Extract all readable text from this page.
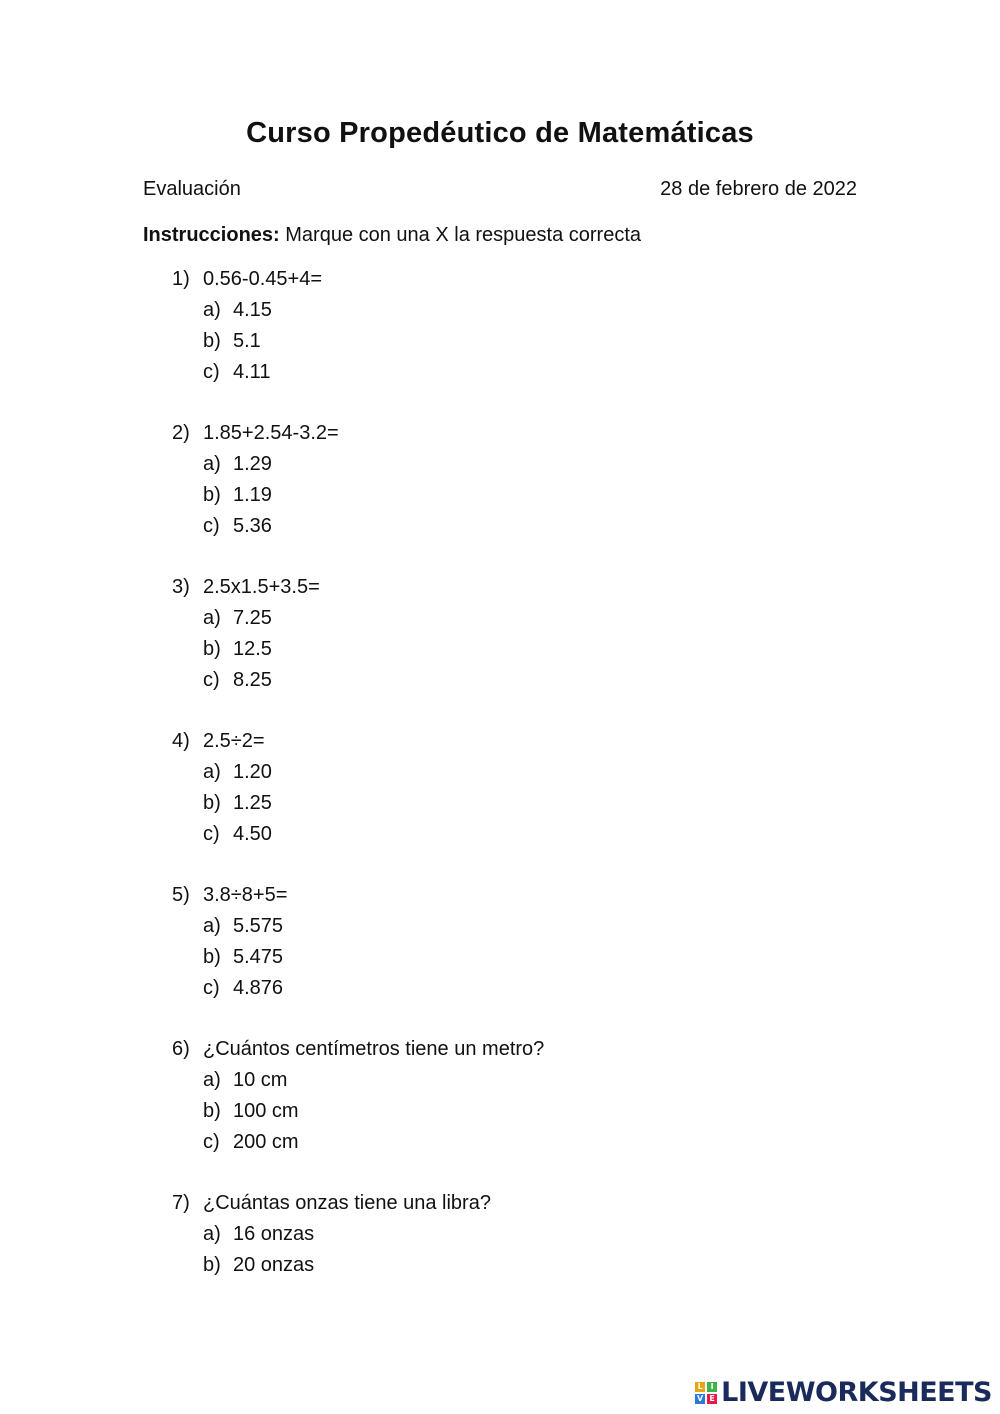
Curso Propedéutico de Matemáticas
Evaluación	28 de febrero de 2022
Instrucciones: Marque con una X la respuesta correcta
1) 0.56-0.45+4=
a) 4.15
b) 5.1
c) 4.11
2) 1.85+2.54-3.2=
a) 1.29
b) 1.19
c) 5.36
3) 2.5x1.5+3.5=
a) 7.25
b) 12.5
c) 8.25
4) 2.5÷2=
a) 1.20
b) 1.25
c) 4.50
5) 3.8÷8+5=
a) 5.575
b) 5.475
c) 4.876
6) ¿Cuántos centímetros tiene un metro?
a) 10 cm
b) 100 cm
c) 200 cm
7) ¿Cuántas onzas tiene una libra?
a) 16 onzas
b) 20 onzas
L I
V E LIVEWORKSHEETS
